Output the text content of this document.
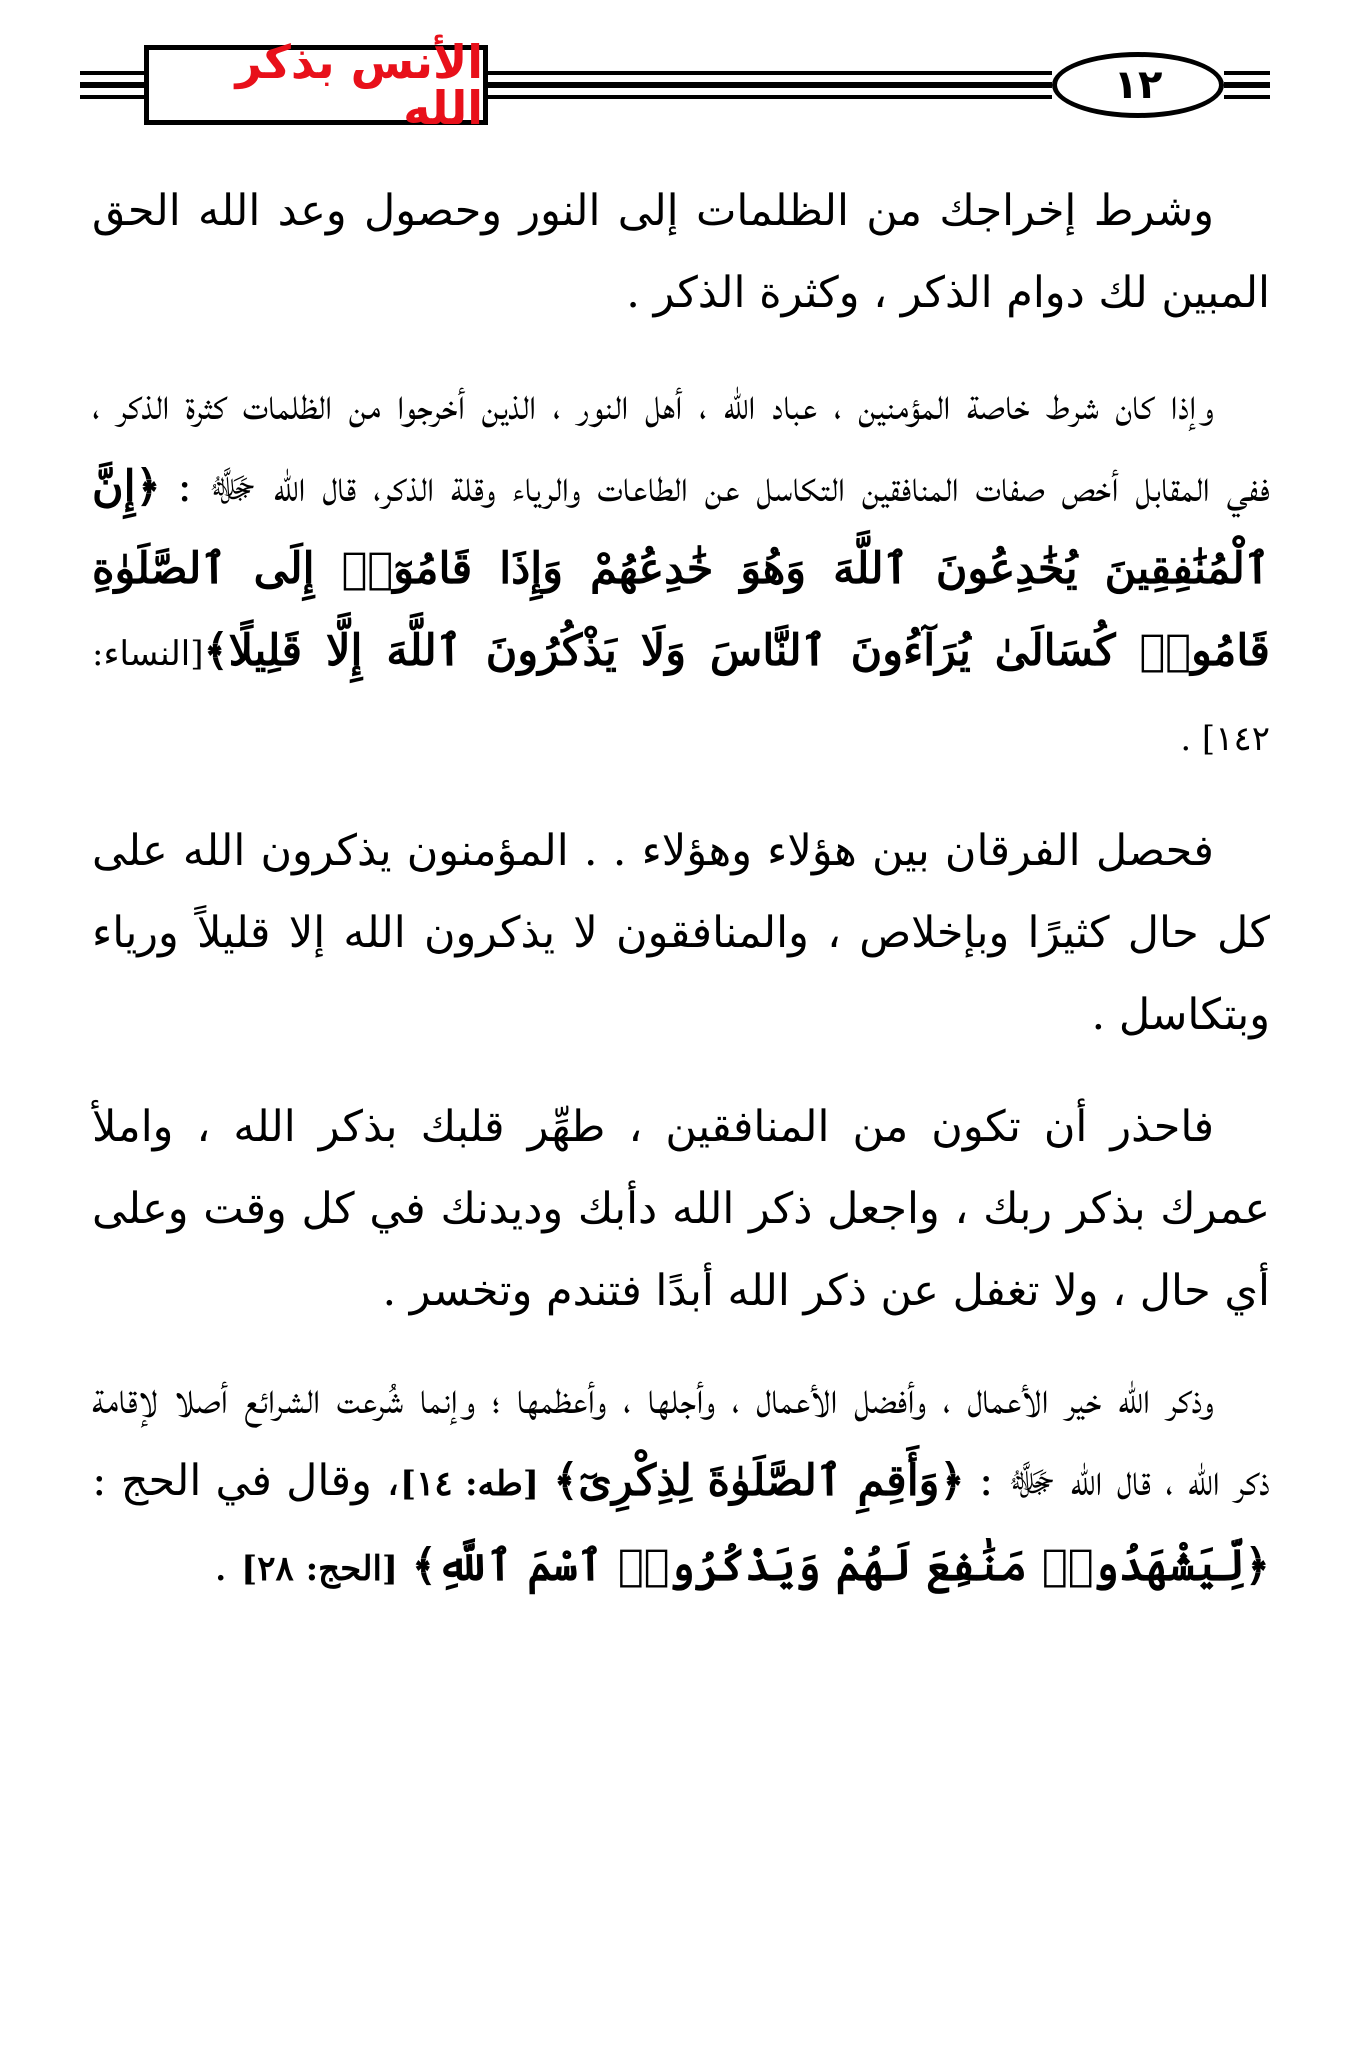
الأنس بذكر الله	١٢

وشرط إخراجك من الظلمات إلى النور وحصول وعد الله الحق المبين لك دوام الذكر ، وكثرة الذكر .

وإذا كان شرط خاصة المؤمنين ، عباد الله ، أهل النور ، الذين أخرجوا من الظلمات كثرة الذكر ، ففي المقابل أخص صفات المنافقين التكاسل عن الطاعات والرياء وقلة الذكر، قال الله ﷻ : ﴿إِنَّ ٱلْمُنَٰفِقِينَ يُخَٰدِعُونَ ٱللَّهَ وَهُوَ خَٰدِعُهُمْ وَإِذَا قَامُوٓا۟ إِلَى ٱلصَّلَوٰةِ قَامُوا۟ كُسَالَىٰ يُرَآءُونَ ٱلنَّاسَ وَلَا يَذْكُرُونَ ٱللَّهَ إِلَّا قَلِيلًا﴾[النساء: ١٤٢] .

فحصل الفرقان بين هؤلاء وهؤلاء . . المؤمنون يذكرون الله على كل حال كثيرًا وبإخلاص ، والمنافقون لا يذكرون الله إلا قليلاً ورياء وبتكاسل .

فاحذر أن تكون من المنافقين ، طهِّر قلبك بذكر الله ، واملأ عمرك بذكر ربك ، واجعل ذكر الله دأبك وديدنك في كل وقت وعلى أي حال ، ولا تغفل عن ذكر الله أبدًا فتندم وتخسر .

وذكر الله خير الأعمال ، وأفضل الأعمال ، وأجلها ، وأعظمها ؛ وإنما شُرعت الشرائع أصلا لإقامة ذكر الله ، قال الله ﷻ : ﴿وَأَقِمِ ٱلصَّلَوٰةَ لِذِكْرِىٓ﴾ [طه: ١٤]، وقال في الحج : ﴿لِّيَشْهَدُوا۟ مَنَٰفِعَ لَهُمْ وَيَذْكُرُوا۟ ٱسْمَ ٱللَّهِ﴾ [الحج: ٢٨] .
